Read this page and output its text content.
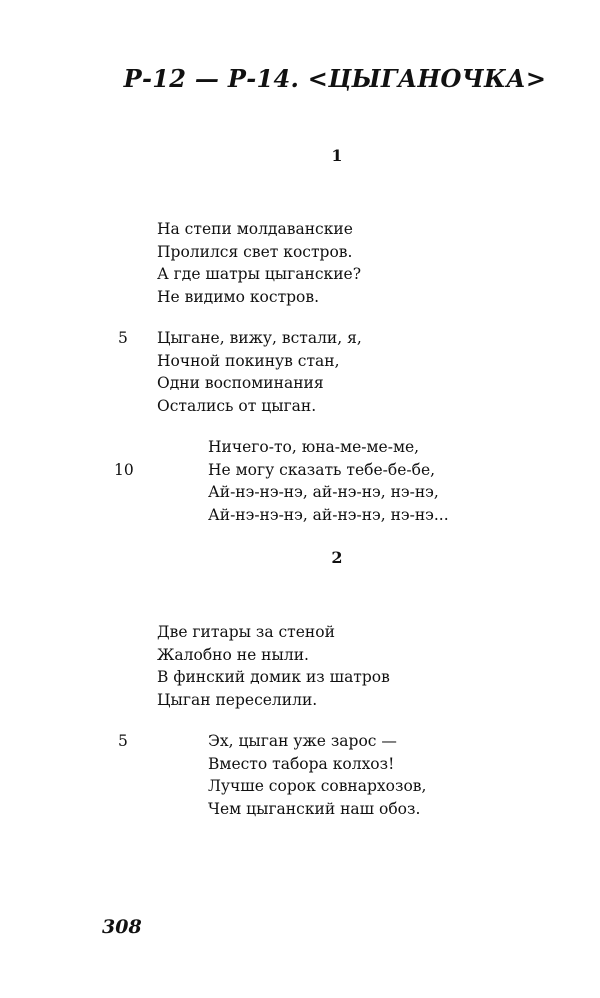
Р-12 — Р-14. <ЦЫГАНОЧКА>
1
На степи молдаванские
Пролился свет костров.
А где шатры цыганские?
Не видимо костров.
5 Цыгане, вижу, встали, я,
Ночной покинув стан,
Одни воспоминания
Остались от цыган.
10
Ничего-то, юна-ме-ме-ме,
Не могу сказать тебе-бе-бе,
Ай-нэ-нэ-нэ, ай-нэ-нэ, нэ-нэ,
Ай-нэ-нэ-нэ, ай-нэ-нэ, нэ-нэ...
2
Две гитары за стеной
Жалобно не ныли.
В финский домик из шатров
Цыган переселили.
5	Эх, цыган уже зарос —
Вместо табора колхоз!
Лучше сорок совнархозов,
Чем цыганский наш обоз.
308
